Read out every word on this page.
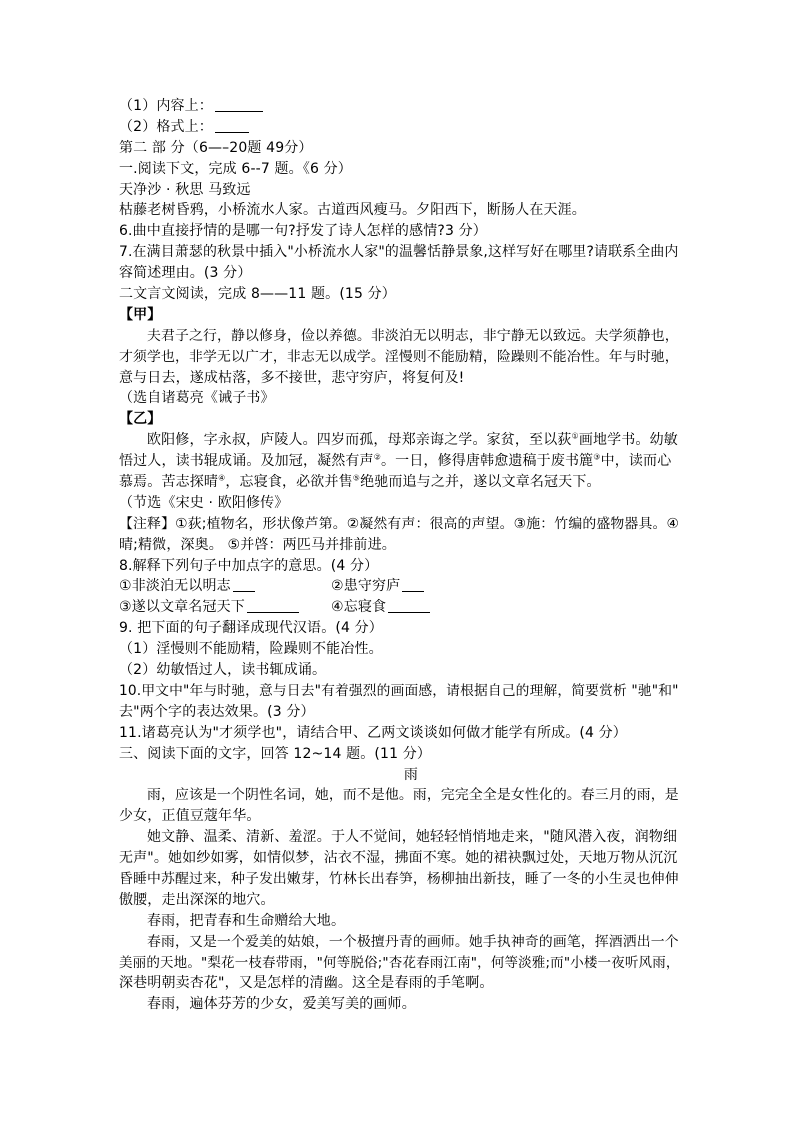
（1）内容上：
（2）格式上：
第二 部 分（6—–20题 49分）
一.阅读下文，完成 6--7 题。《6 分）
天净沙 · 秋思 马致远
枯藤老树昏鸦，小桥流水人家。古道西风瘦马。夕阳西下，断肠人在天涯。
6.曲中直接抒情的是哪一句?抒发了诗人怎样的感情?3 分）
7.在满目萧瑟的秋景中插入"小桥流水人家"的温馨恬静景象,这样写好在哪里?请联系全曲内
容简述理由。(3 分）
二文言文阅读，完成 8——11 题。(15 分）
【甲】
夫君子之行，静以修身，俭以养德。非淡泊无以明志，非宁静无以致远。夫学须静也，
才须学也，非学无以广才，非志无以成学。淫慢则不能励精，险躁则不能冶性。年与时驰，
意与日去，遂成枯落，多不接世，悲守穷庐，将复何及!
（选自诸葛亮《诫子书》
【乙】
欧阳修，字永叔，庐陵人。四岁而孤，母郑亲诲之学。家贫，至以荻①画地学书。幼敏
悟过人，读书辊成诵。及加冠，凝然有声②。一日，修得唐韩愈遗稿于废书簏③中，读而心
慕焉。苦志探晴④，忘寝食，必欲并售⑤绝驰而追与之并，遂以文章名冠天下。
（节选《宋史 · 欧阳修传》
【注释】①荻;植物名，形状像芦第。②凝然有声：很高的声望。③施：竹编的盛物器具。④
晴;精微，深奥。 ⑤并啓：两匹马并排前进。
8.解释下列句子中加点字的意思。(4 分）
①非淡泊无以明志	②患守穷庐
③遂以文章名冠天下	④忘寝食
9. 把下面的句子翻译成现代汉语。(4 分）
（1）淫慢则不能励精，险躁则不能冶性。
（2）幼敏悟过人，读书辄成诵。
10.甲文中"年与时驰，意与日去"有着强烈的画面感，请根据自己的理解，简要赏析 "驰"和"
去"两个字的表达效果。(3 分）
11.诸葛亮认为"才须学也"，请结合甲、乙两文谈谈如何做才能学有所成。(4 分）
三、阅读下面的文字，回答 12~14 题。(11 分）
雨
雨，应该是一个阴性名词，她，而不是他。雨，完完全全是女性化的。春三月的雨，是
少女，正值豆蔻年华。
她文静、温柔、清新、羞涩。于人不觉间，她轻轻悄悄地走来，"随风潜入夜，润物细
无声"。她如纱如雾，如情似梦，沾衣不湿，拂面不寒。她的裙袂飘过处，天地万物从沉沉
昏睡中苏醒过来，种子发出嫩芽，竹林长出春笋，杨柳抽出新技，睡了一冬的小生灵也伸伸
傲腰，走出深深的地穴。
春雨，把青春和生命赠给大地。
春雨，又是一个爱美的姑娘，一个极擅丹青的画师。她手执神奇的画笔，挥酒洒出一个
美丽的天地。"梨花一枝春带雨，"何等脱俗;"杏花春雨江南"，何等淡雅;而"小楼一夜听风雨，
深巷明朝卖杏花"，又是怎样的清幽。这全是春雨的手笔啊。
春雨，遍体芬芳的少女，爱美写美的画师。
